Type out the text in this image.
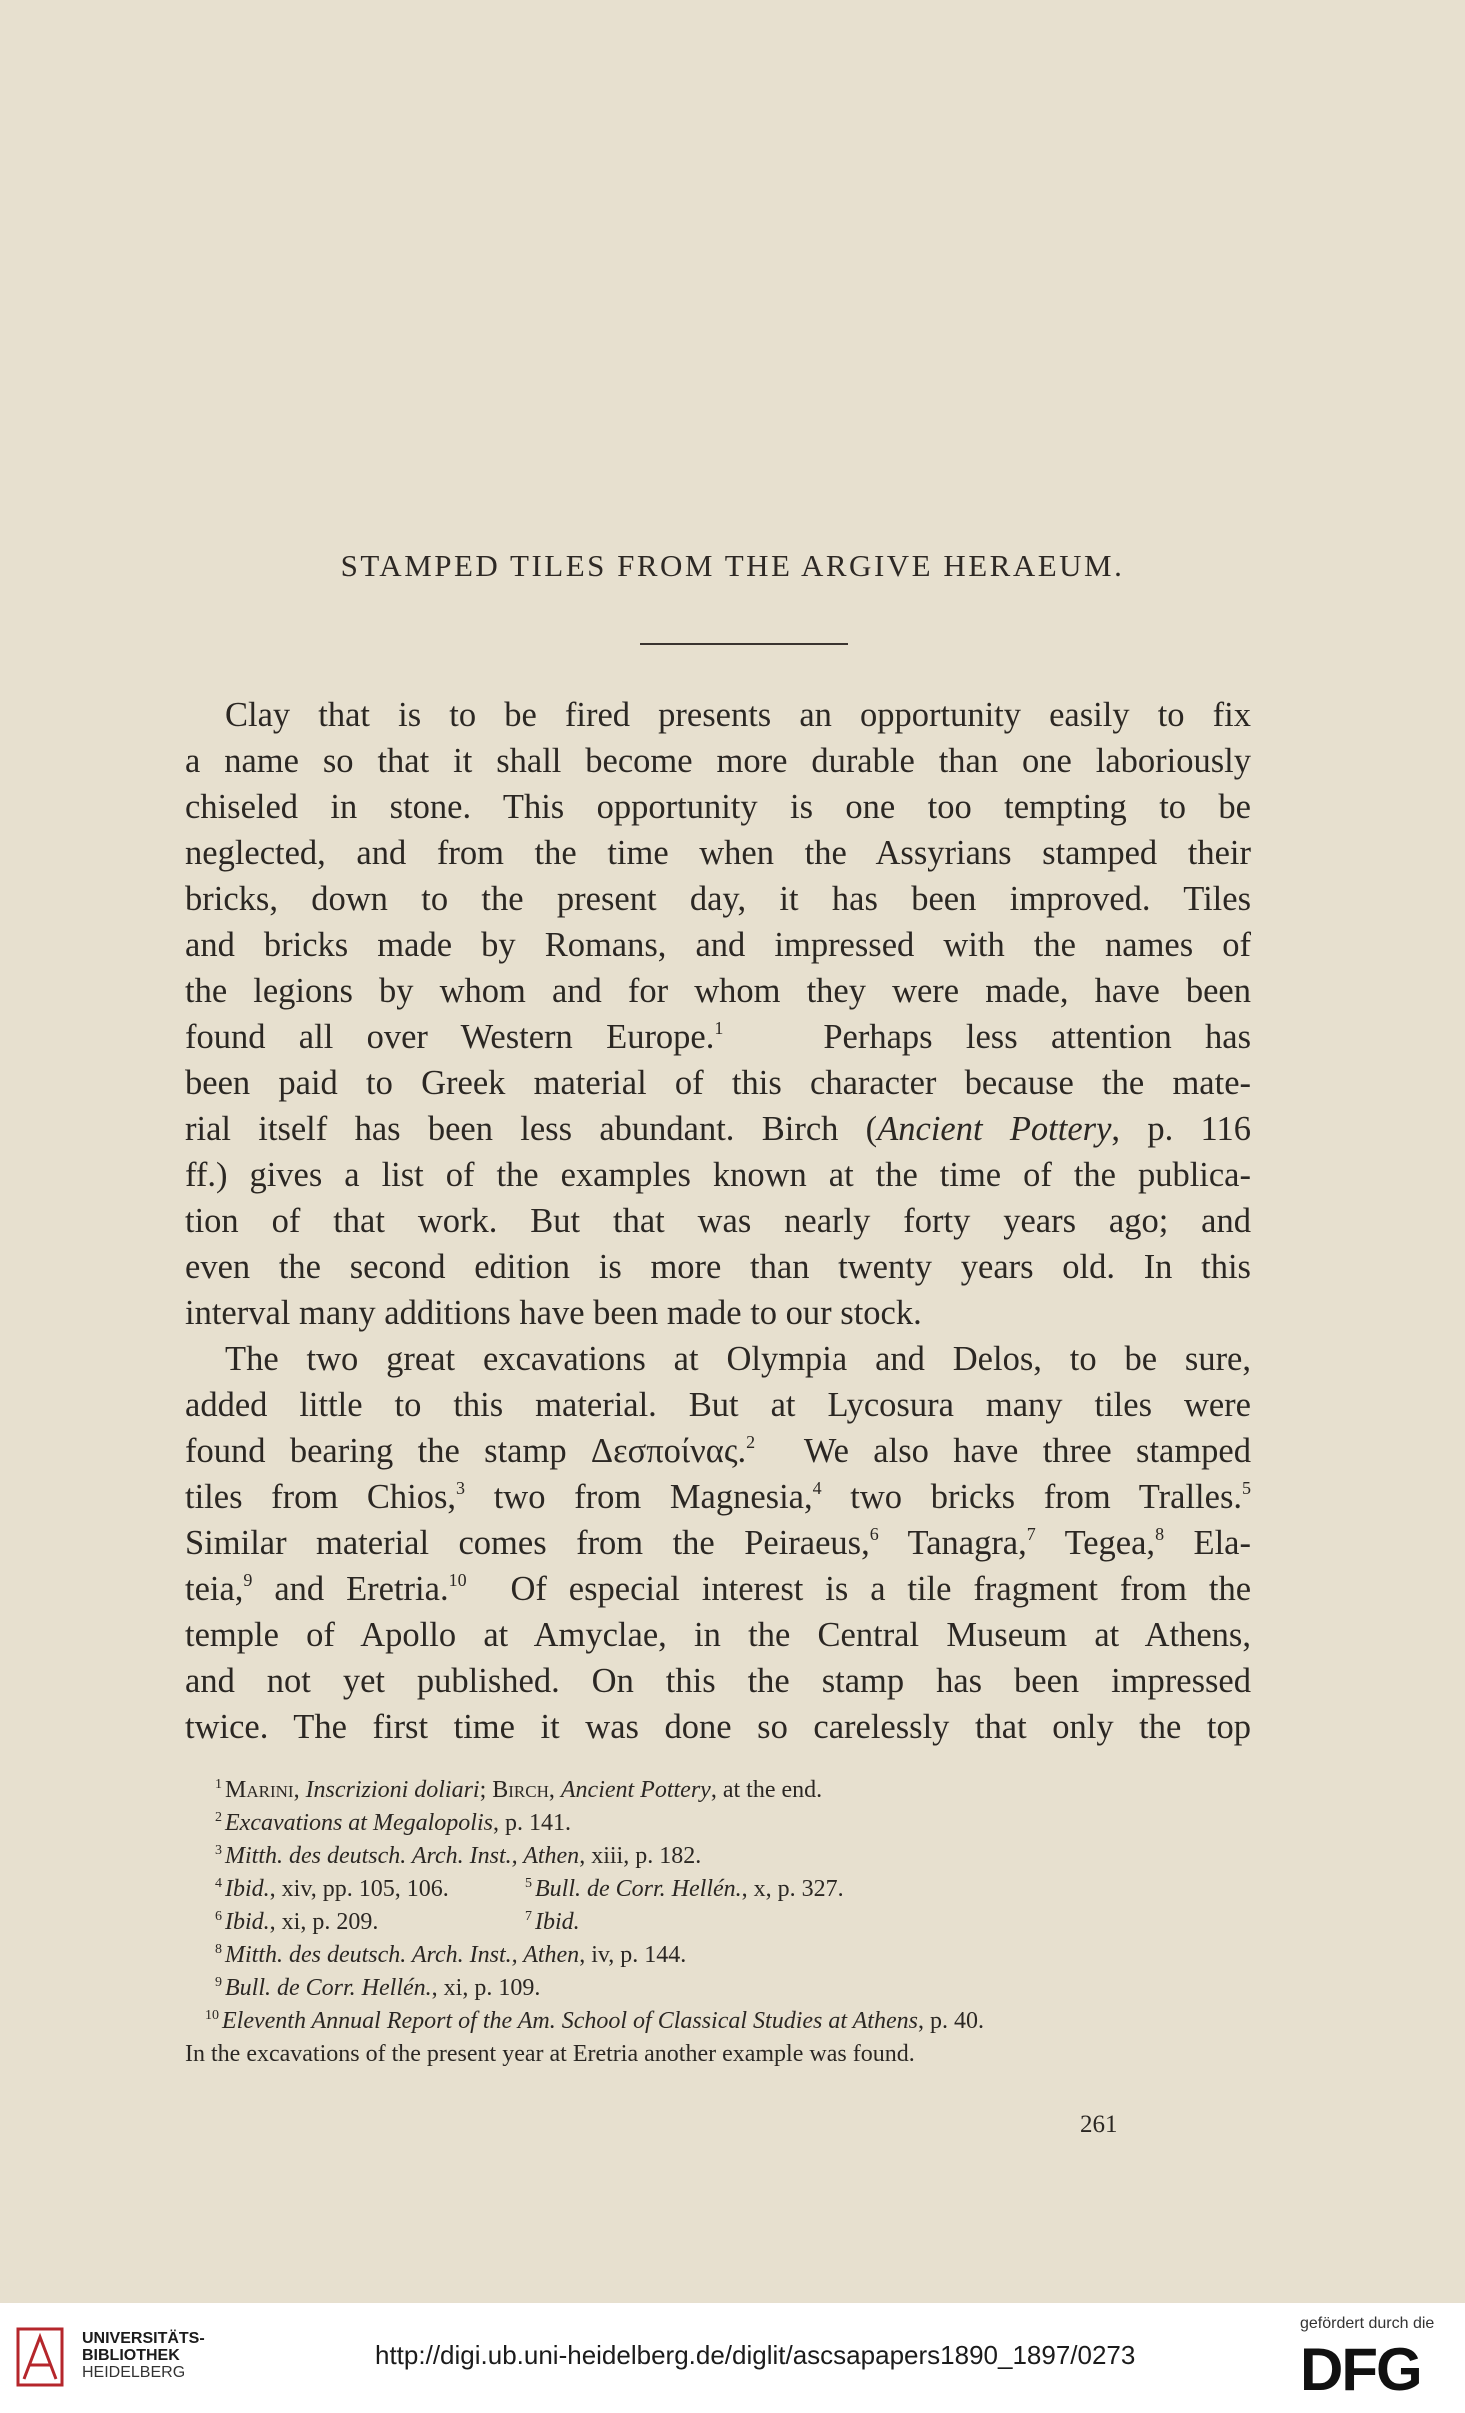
STAMPED TILES FROM THE ARGIVE HERAEUM.
Clay that is to be fired presents an opportunity easily to fix
a name so that it shall become more durable than one laboriously
chiseled in stone. This opportunity is one too tempting to be
neglected, and from the time when the Assyrians stamped their
bricks, down to the present day, it has been improved. Tiles
and bricks made by Romans, and impressed with the names of
the legions by whom and for whom they were made, have been
found all over Western Europe.$^1$	Perhaps less attention has
been paid to Greek material of this character because the mate-
rial itself has been less abundant. Birch (Ancient Pottery, p. 116
ff.) gives a list of the examples known at the time of the publica-
tion of that work. But that was nearly forty years ago; and
even the second edition is more than twenty years old. In this
interval many additions have been made to our stock.
The two great excavations at Olympia and Delos, to be sure,
added little to this material. But at Lycosura many tiles were
found bearing the stamp Δεσποίνας.$^2$ We also have three stamped
tiles from Chios,$^3$ two from Magnesia,$^4$ two bricks from Tralles.$^5$
Similar material comes from the Peiraeus,$^6$ Tanagra,$^7$ Tegea,$^8$ Ela-
teia,$^9$ and Eretria.$^{10}$ Of especial interest is a tile fragment from the
temple of Apollo at Amyclae, in the Central Museum at Athens,
and not yet published. On this the stamp has been impressed
twice. The first time it was done so carelessly that only the top
$^1$ Marini, Inscrizioni doliari; Birch, Ancient Pottery, at the end.
$^2$ Excavations at Megalopolis, p. 141.
$^3$ Mitth. des deutsch. Arch. Inst., Athen, xiii, p. 182.
$^4$ Ibid., xiv, pp. 105, 106.	$^5$ Bull. de Corr. Hellén., x, p. 327.
$^6$ Ibid., xi, p. 209.	$^7$ Ibid.
$^8$ Mitth. des deutsch. Arch. Inst., Athen, iv, p. 144.
$^9$ Bull. de Corr. Hellén., xi, p. 109.
$^{10}$ Eleventh Annual Report of the Am. School of Classical Studies at Athens, p. 40.
In the excavations of the present year at Eretria another example was found.
261
UNIVERSITÄTS-
BIBLIOTHEK
HEIDELBERG
http://digi.ub.uni-heidelberg.de/diglit/ascsapapers1890_1897/0273
gefördert durch die
DFG
